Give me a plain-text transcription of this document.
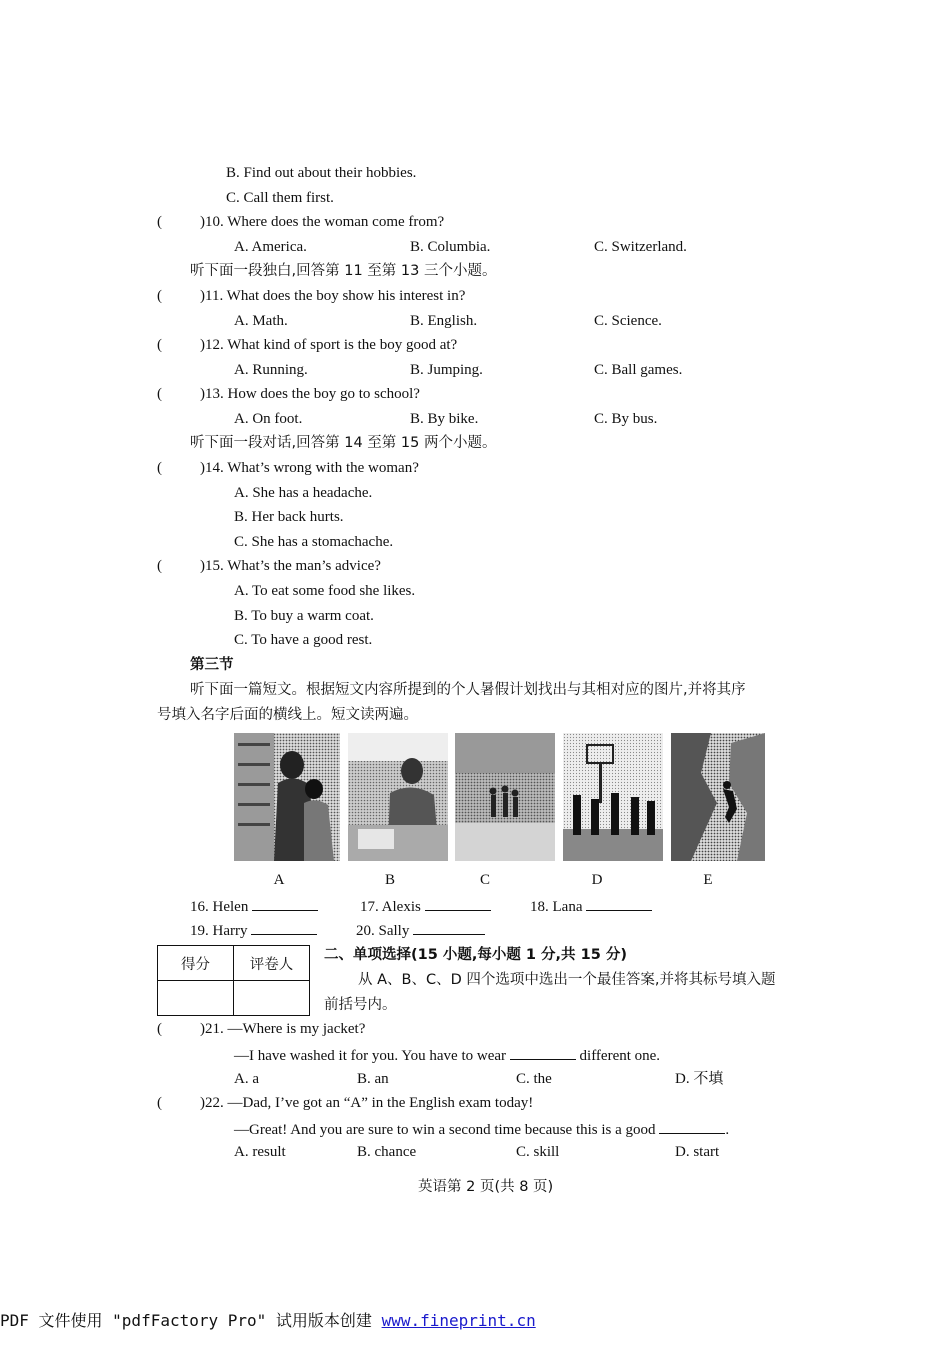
B. Find out about their hobbies.
C. Call them first.
(	)10. Where does the woman come from?
A. America.	B. Columbia.	C. Switzerland.
听下面一段独白,回答第 11 至第 13 三个小题。
(	)11. What does the boy show his interest in?
A. Math.	B. English.	C. Science.
(	)12. What kind of sport is the boy good at?
A. Running.	B. Jumping.	C. Ball games.
(	)13. How does the boy go to school?
A. On foot.	B. By bike.	C. By bus.
听下面一段对话,回答第 14 至第 15 两个小题。
(	)14. What’s wrong with the woman?
A. She has a headache.
B. Her back hurts.
C. She has a stomachache.
(	)15. What’s the man’s advice?
A. To eat some food she likes.
B. To buy a warm coat.
C. To have a good rest.
第三节
听下面一篇短文。根据短文内容所提到的个人暑假计划找出与其相对应的图片,并将其序
号填入名字后面的横线上。短文读两遍。
A	B	C	D	E
16. Helen	17. Alexis	18. Lana
19. Harry	20. Sally
得分	评卷人

二、单项选择(15 小题,每小题 1 分,共 15 分)
从 A、B、C、D 四个选项中选出一个最佳答案,并将其标号填入题
前括号内。
(	)21. —Where is my jacket?
—I have washed it for you. You have to wear	different one.
A. a	B. an	C. the	D. 不填
(	)22. —Dad, I’ve got an “A” in the English exam today!
—Great! And you are sure to win a second time because this is a good	.
A. result	B. chance	C. skill	D. start
英语第 2 页(共 8 页)
PDF 文件使用 "pdfFactory Pro" 试用版本创建 www.fineprint.cn
